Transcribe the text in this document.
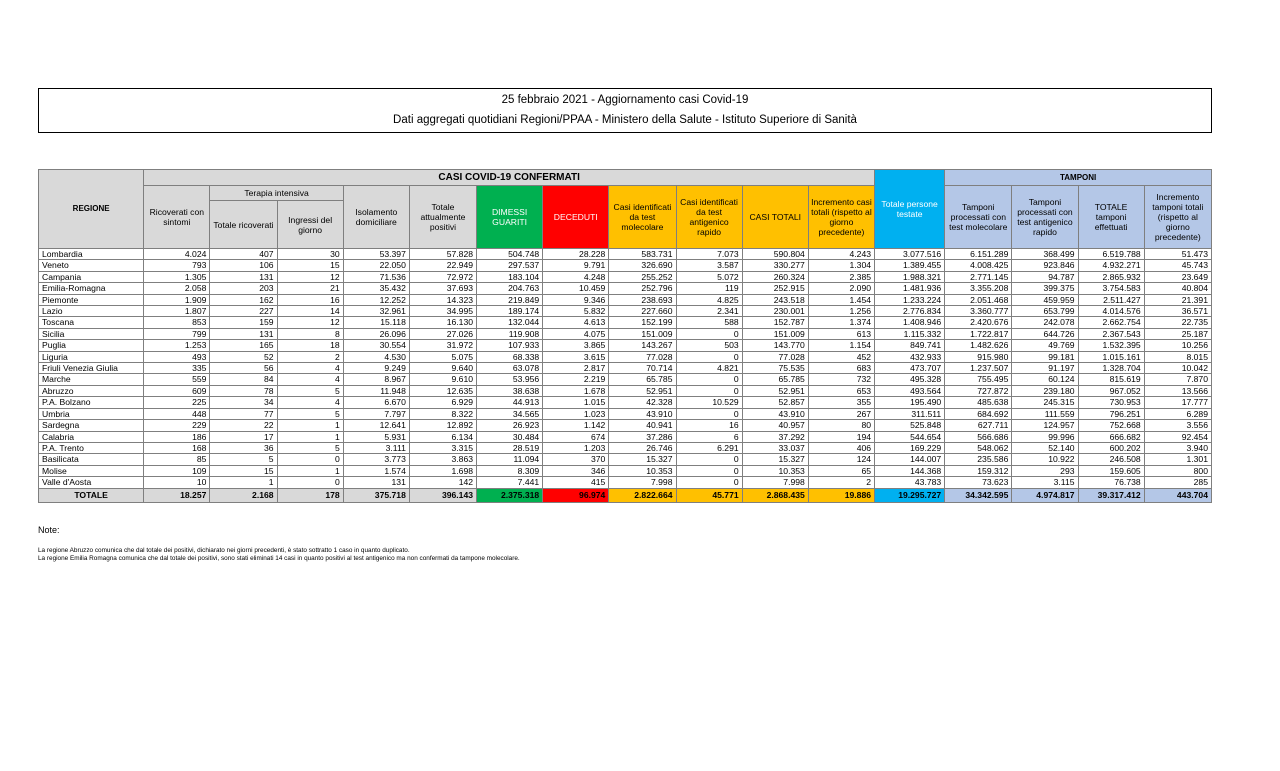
25 febbraio 2021 - Aggiornamento casi Covid-19
Dati aggregati quotidiani Regioni/PPAA - Ministero della Salute - Istituto Superiore di Sanità
REGIONE	CASI COVID-19 CONFERMATI											Totale persone testate	TAMPONI			
	Ricoverati con sintomi	Terapia intensiva		Isolamento domiciliare	Totale attualmente positivi	DIMESSI GUARITI	DECEDUTI	Casi identificati da test molecolare	Casi identificati da test antigenico rapido	CASI TOTALI	Incremento casi totali (rispetto al giorno precedente)		Tamponi processati con test molecolare	Tamponi processati con test antigenico rapido	TOTALE tamponi effettuati	Incremento tamponi totali (rispetto al giorno precedente)
		Totale ricoverati	Ingressi del giorno													
Lombardia	4.024	407	30	53.397	57.828	504.748	28.228	583.731	7.073	590.804	4.243	3.077.516	6.151.289	368.499	6.519.788	51.473
Veneto	793	106	15	22.050	22.949	297.537	9.791	326.690	3.587	330.277	1.304	1.389.455	4.008.425	923.846	4.932.271	45.743
Campania	1.305	131	12	71.536	72.972	183.104	4.248	255.252	5.072	260.324	2.385	1.988.321	2.771.145	94.787	2.865.932	23.649
Emilia-Romagna	2.058	203	21	35.432	37.693	204.763	10.459	252.796	119	252.915	2.090	1.481.936	3.355.208	399.375	3.754.583	40.804
Piemonte	1.909	162	16	12.252	14.323	219.849	9.346	238.693	4.825	243.518	1.454	1.233.224	2.051.468	459.959	2.511.427	21.391
Lazio	1.807	227	14	32.961	34.995	189.174	5.832	227.660	2.341	230.001	1.256	2.776.834	3.360.777	653.799	4.014.576	36.571
Toscana	853	159	12	15.118	16.130	132.044	4.613	152.199	588	152.787	1.374	1.408.946	2.420.676	242.078	2.662.754	22.735
Sicilia	799	131	8	26.096	27.026	119.908	4.075	151.009	0	151.009	613	1.115.332	1.722.817	644.726	2.367.543	25.187
Puglia	1.253	165	18	30.554	31.972	107.933	3.865	143.267	503	143.770	1.154	849.741	1.482.626	49.769	1.532.395	10.256
Liguria	493	52	2	4.530	5.075	68.338	3.615	77.028	0	77.028	452	432.933	915.980	99.181	1.015.161	8.015
Friuli Venezia Giulia	335	56	4	9.249	9.640	63.078	2.817	70.714	4.821	75.535	683	473.707	1.237.507	91.197	1.328.704	10.042
Marche	559	84	4	8.967	9.610	53.956	2.219	65.785	0	65.785	732	495.328	755.495	60.124	815.619	7.870
Abruzzo	609	78	5	11.948	12.635	38.638	1.678	52.951	0	52.951	653	493.564	727.872	239.180	967.052	13.566
P.A. Bolzano	225	34	4	6.670	6.929	44.913	1.015	42.328	10.529	52.857	355	195.490	485.638	245.315	730.953	17.777
Umbria	448	77	5	7.797	8.322	34.565	1.023	43.910	0	43.910	267	311.511	684.692	111.559	796.251	6.289
Sardegna	229	22	1	12.641	12.892	26.923	1.142	40.941	16	40.957	80	525.848	627.711	124.957	752.668	3.556
Calabria	186	17	1	5.931	6.134	30.484	674	37.286	6	37.292	194	544.654	566.686	99.996	666.682	92.454
P.A. Trento	168	36	5	3.111	3.315	28.519	1.203	26.746	6.291	33.037	406	169.229	548.062	52.140	600.202	3.940
Basilicata	85	5	0	3.773	3.863	11.094	370	15.327	0	15.327	124	144.007	235.586	10.922	246.508	1.301
Molise	109	15	1	1.574	1.698	8.309	346	10.353	0	10.353	65	144.368	159.312	293	159.605	800
Valle d'Aosta	10	1	0	131	142	7.441	415	7.998	0	7.998	2	43.783	73.623	3.115	76.738	285
TOTALE	18.257	2.168	178	375.718	396.143	2.375.318	96.974	2.822.664	45.771	2.868.435	19.886	19.295.727	34.342.595	4.974.817	39.317.412	443.704
Note:
La regione Abruzzo comunica che dal totale dei positivi, dichiarato nei giorni precedenti, è stato sottratto 1 caso in quanto duplicato.
La regione Emilia Romagna comunica che dal totale dei positivi, sono stati eliminati 14 casi in quanto positivi al test antigenico ma non confermati da tampone molecolare.
